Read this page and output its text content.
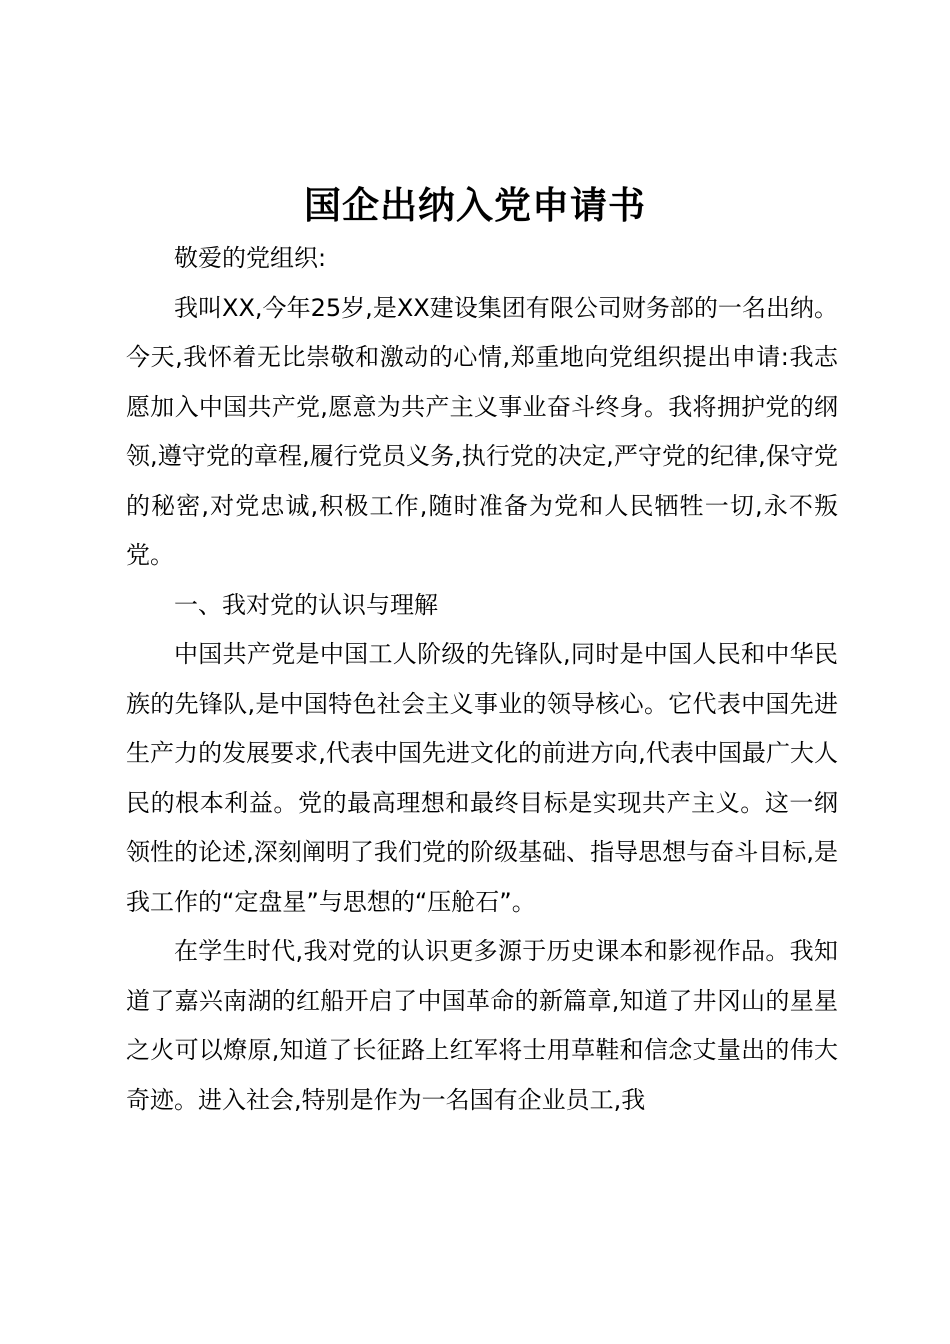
国企出纳入党申请书

敬爱的党组织:

我叫XX,今年25岁,是XX建设集团有限公司财务部的一名出纳。今天,我怀着无比崇敬和激动的心情,郑重地向党组织提出申请:我志愿加入中国共产党,愿意为共产主义事业奋斗终身。我将拥护党的纲领,遵守党的章程,履行党员义务,执行党的决定,严守党的纪律,保守党的秘密,对党忠诚,积极工作,随时准备为党和人民牺牲一切,永不叛党。

一、我对党的认识与理解

中国共产党是中国工人阶级的先锋队,同时是中国人民和中华民族的先锋队,是中国特色社会主义事业的领导核心。它代表中国先进生产力的发展要求,代表中国先进文化的前进方向,代表中国最广大人民的根本利益。党的最高理想和最终目标是实现共产主义。这一纲领性的论述,深刻阐明了我们党的阶级基础、指导思想与奋斗目标,是我工作的“定盘星”与思想的“压舱石”。

在学生时代,我对党的认识更多源于历史课本和影视作品。我知道了嘉兴南湖的红船开启了中国革命的新篇章,知道了井冈山的星星之火可以燎原,知道了长征路上红军将士用草鞋和信念丈量出的伟大奇迹。进入社会,特别是作为一名国有企业员工,我
